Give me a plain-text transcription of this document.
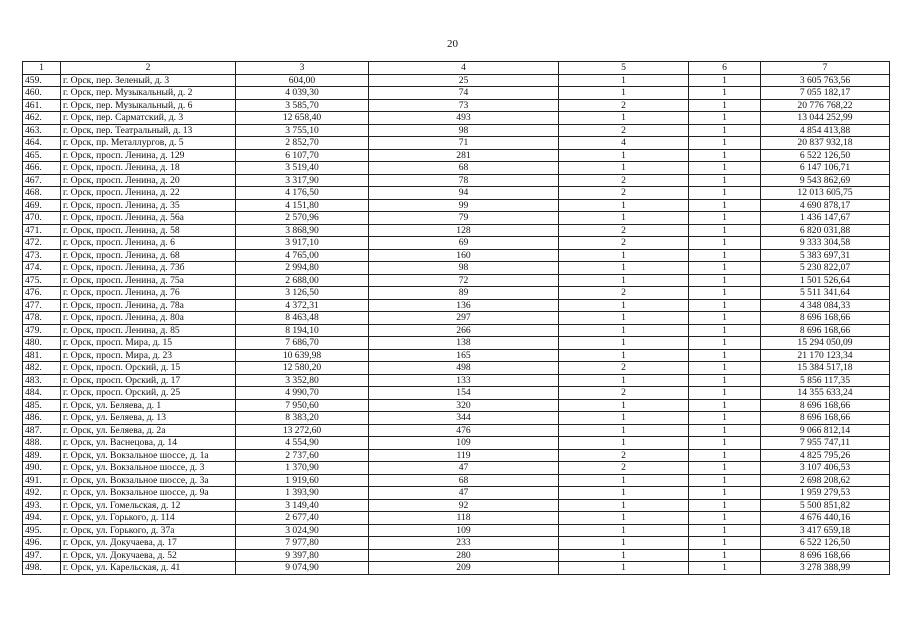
20
1	2	3	4	5	6	7
459.	г. Орск, пер. Зеленый, д. 3	604,00	25	1	1	3 605 763,56
460.	г. Орск, пер. Музыкальный, д. 2	4 039,30	74	1	1	7 055 182,17
461.	г. Орск, пер. Музыкальный, д. 6	3 585,70	73	2	1	20 776 768,22
462.	г. Орск, пер. Сарматский, д. 3	12 658,40	493	1	1	13 044 252,99
463.	г. Орск, пер. Театральный, д. 13	3 755,10	98	2	1	4 854 413,88
464.	г. Орск, пр. Металлургов, д. 5	2 852,70	71	4	1	20 837 932,18
465.	г. Орск, просп. Ленина, д. 129	6 107,70	281	1	1	6 522 126,50
466.	г. Орск, просп. Ленина, д. 18	3 519,40	68	1	1	6 147 106,71
467.	г. Орск, просп. Ленина, д. 20	3 317,90	78	2	1	9 543 862,69
468.	г. Орск, просп. Ленина, д. 22	4 176,50	94	2	1	12 013 605,75
469.	г. Орск, просп. Ленина, д. 35	4 151,80	99	1	1	4 690 878,17
470.	г. Орск, просп. Ленина, д. 56а	2 570,96	79	1	1	1 436 147,67
471.	г. Орск, просп. Ленина, д. 58	3 868,90	128	2	1	6 820 031,88
472.	г. Орск, просп. Ленина, д. 6	3 917,10	69	2	1	9 333 304,58
473.	г. Орск, просп. Ленина, д. 68	4 765,00	160	1	1	5 383 697,31
474.	г. Орск, просп. Ленина, д. 73б	2 994,80	98	1	1	5 230 822,07
475.	г. Орск, просп. Ленина, д. 75а	2 688,00	72	1	1	1 501 526,64
476.	г. Орск, просп. Ленина, д. 76	3 126,50	89	2	1	5 511 341,64
477.	г. Орск, просп. Ленина, д. 78а	4 372,31	136	1	1	4 348 084,33
478.	г. Орск, просп. Ленина, д. 80а	8 463,48	297	1	1	8 696 168,66
479.	г. Орск, просп. Ленина, д. 85	8 194,10	266	1	1	8 696 168,66
480.	г. Орск, просп. Мира, д. 15	7 686,70	138	1	1	15 294 050,09
481.	г. Орск, просп. Мира, д. 23	10 639,98	165	1	1	21 170 123,34
482.	г. Орск, просп. Орский, д. 15	12 580,20	498	2	1	15 384 517,18
483.	г. Орск, просп. Орский, д. 17	3 352,80	133	1	1	5 856 117,35
484.	г. Орск, просп. Орский, д. 25	4 990,70	154	2	1	14 355 633,24
485.	г. Орск, ул. Беляева, д. 1	7 950,60	320	1	1	8 696 168,66
486.	г. Орск, ул. Беляева, д. 13	8 383,20	344	1	1	8 696 168,66
487.	г. Орск, ул. Беляева, д. 2а	13 272,60	476	1	1	9 066 812,14
488.	г. Орск, ул. Васнецова, д. 14	4 554,90	109	1	1	7 955 747,11
489.	г. Орск, ул. Вокзальное шоссе, д. 1а	2 737,60	119	2	1	4 825 795,26
490.	г. Орск, ул. Вокзальное шоссе, д. 3	1 370,90	47	2	1	3 107 406,53
491.	г. Орск, ул. Вокзальное шоссе, д. 3а	1 919,60	68	1	1	2 698 208,62
492.	г. Орск, ул. Вокзальное шоссе, д. 9а	1 393,90	47	1	1	1 959 279,53
493.	г. Орск, ул. Гомельская, д. 12	3 149,40	92	1	1	5 500 851,82
494.	г. Орск, ул. Горького, д. 114	2 677,40	118	1	1	4 676 440,16
495.	г. Орск, ул. Горького, д. 37а	3 024,90	109	1	1	3 417 659,18
496.	г. Орск, ул. Докучаева, д. 17	7 977,80	233	1	1	6 522 126,50
497.	г. Орск, ул. Докучаева, д. 52	9 397,80	280	1	1	8 696 168,66
498.	г. Орск, ул. Карельская, д. 41	9 074,90	209	1	1	3 278 388,99
